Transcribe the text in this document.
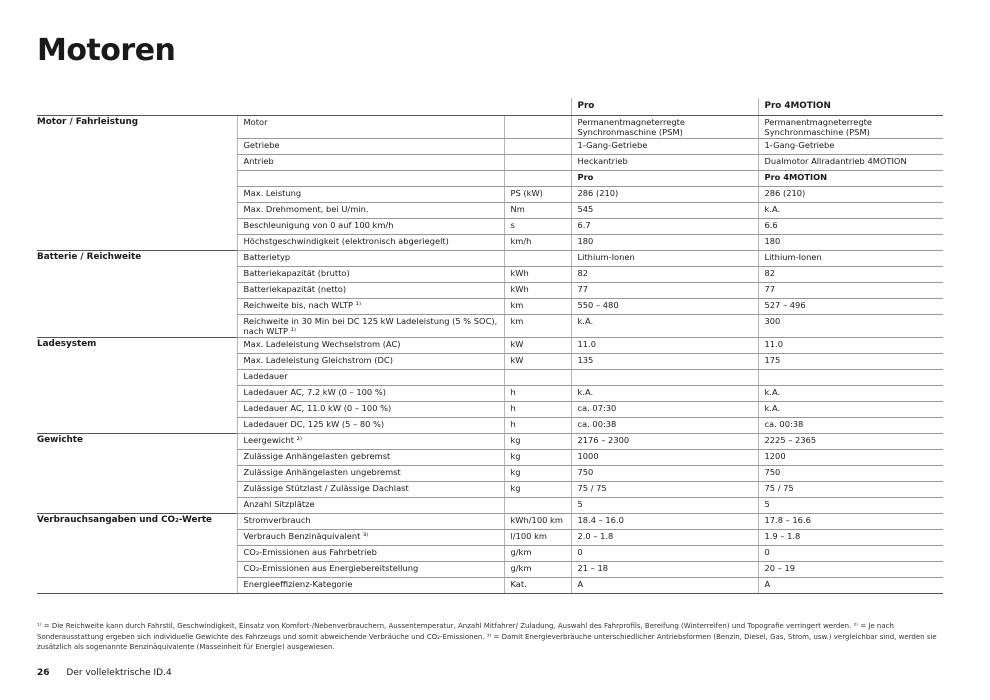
Motoren
			Pro	Pro 4MOTION
Motor / Fahrleistung	Motor		Permanentmagneterregte Synchronmaschine (PSM)	Permanentmagneterregte Synchronmaschine (PSM)
	Getriebe		1-Gang-Getriebe	1-Gang-Getriebe
	Antrieb		Heckantrieb	Dualmotor Allradantrieb 4MOTION
			Pro	Pro 4MOTION
	Max. Leistung	PS (kW)	286 (210)	286 (210)
	Max. Drehmoment, bei U/min.	Nm	545	k.A.
	Beschleunigung von 0 auf 100 km/h	s	6.7	6.6
	Höchstgeschwindigkeit (elektronisch abgeriegelt)	km/h	180	180
Batterie / Reichweite	Batterietyp		Lithium-Ionen	Lithium-Ionen
	Batteriekapazität (brutto)	kWh	82	82
	Batteriekapazität (netto)	kWh	77	77
	Reichweite bis, nach WLTP ¹⁾	km	550 – 480	527 – 496
	Reichweite in 30 Min bei DC 125 kW Ladeleistung (5 % SOC), nach WLTP ¹⁾	km	k.A.	300
Ladesystem	Max. Ladeleistung Wechselstrom (AC)	kW	11.0	11.0
	Max. Ladeleistung Gleichstrom (DC)	kW	135	175
	Ladedauer			
	Ladedauer AC, 7.2 kW (0 – 100 %)	h	k.A.	k.A.
	Ladedauer AC, 11.0 kW (0 – 100 %)	h	ca. 07:30	k.A.
	Ladedauer DC, 125 kW (5 – 80 %)	h	ca. 00:38	ca. 00:38
Gewichte	Leergewicht ²⁾	kg	2176 – 2300	2225 – 2365
	Zulässige Anhängelasten gebremst	kg	1000	1200
	Zulässige Anhängelasten ungebremst	kg	750	750
	Zulässige Stützlast / Zulässige Dachlast	kg	75 / 75	75 / 75
	Anzahl Sitzplätze		5	5
Verbrauchsangaben und CO₂-Werte	Stromverbrauch	kWh/100 km	18.4 – 16.0	17.8 – 16.6
	Verbrauch Benzinäquivalent ³⁾	l/100 km	2.0 – 1.8	1.9 – 1.8
	CO₂-Emissionen aus Fahrbetrieb	g/km	0	0
	CO₂-Emissionen aus Energiebereitstellung	g/km	21 – 18	20 – 19
	Energieeffizienz-Kategorie	Kat.	A	A

¹⁾ = Die Reichweite kann durch Fahrstil, Geschwindigkeit, Einsatz von Komfort-/Nebenverbrauchern, Aussentemperatur, Anzahl Mitfahrer/ Zuladung, Auswahl des Fahrprofils, Bereifung (Winterreifen) und Topografie verringert werden. ²⁾ = Je nach Sonderausstattung ergeben sich individuelle Gewichte des Fahrzeugs und somit abweichende Verbräuche und CO₂-Emissionen. ³⁾ = Damit Energieverbräuche unterschiedlicher Antriebsformen (Benzin, Diesel, Gas, Strom, usw.) vergleichbar sind, werden sie zusätzlich als sogenannte Benzinäquivalente (Masseinheit für Energie) ausgewiesen.

26 Der vollelektrische ID.4
